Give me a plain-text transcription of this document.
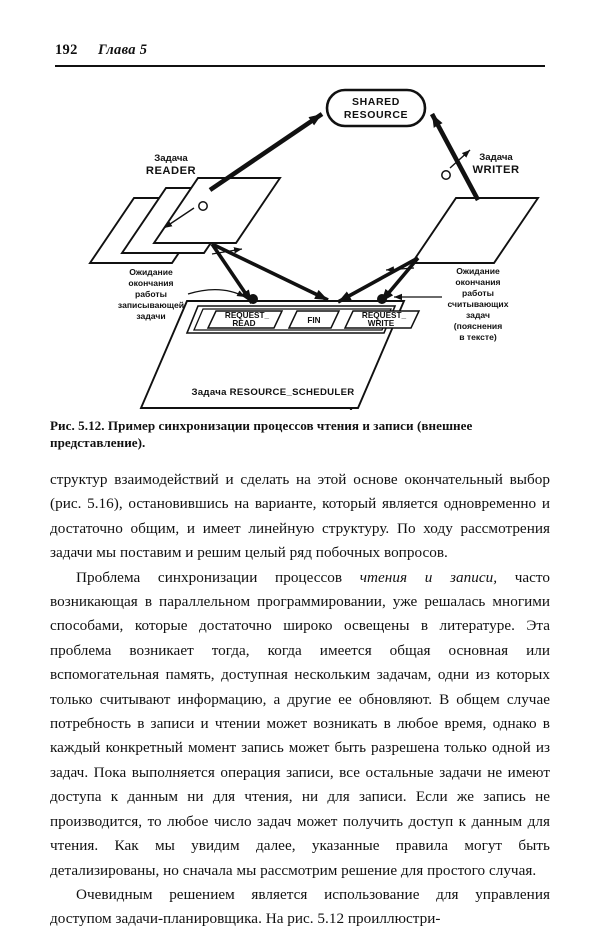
192 Глава 5
SHARED
RESOURCE
Задача
READER
Задача
WRITER
REQUEST_
READ	FIN
REQUEST_
WRITE
Задача RESOURCE_SCHEDULER
Ожидание
окончания
работы
записывающей
задачи
Ожидание
окончания
работы
считывающих
задач
(пояснения
в тексте)
Рис. 5.12. Пример синхронизации процессов чтения и записи (внешнее представление).

структур взаимодействий и сделать на этой основе окончательный выбор (рис. 5.16), остановившись на варианте, который является одновременно и достаточно общим, и имеет линейную структуру. По ходу рассмотрения задачи мы поставим и решим целый ряд побочных вопросов.

Проблема синхронизации процессов чтения и записи, часто возникающая в параллельном программировании, уже решалась многими способами, которые достаточно широко освещены в литературе. Эта проблема возникает тогда, когда имеется общая основная или вспомогательная память, доступная нескольким задачам, одни из которых только считывают информацию, а другие ее обновляют. В общем случае потребность в записи и чтении может возникать в любое время, однако в каждый конкретный момент запись может быть разрешена только одной из задач. Пока выполняется операция записи, все остальные задачи не имеют доступа к данным ни для чтения, ни для записи. Если же запись не производится, то любое число задач может получить доступ к данным для чтения. Как мы увидим далее, указанные правила могут быть детализированы, но сначала мы рассмотрим решение для простого случая.

Очевидным решением является использование для управления доступом задачи-планировщика. На рис. 5.12 проиллюстри-
